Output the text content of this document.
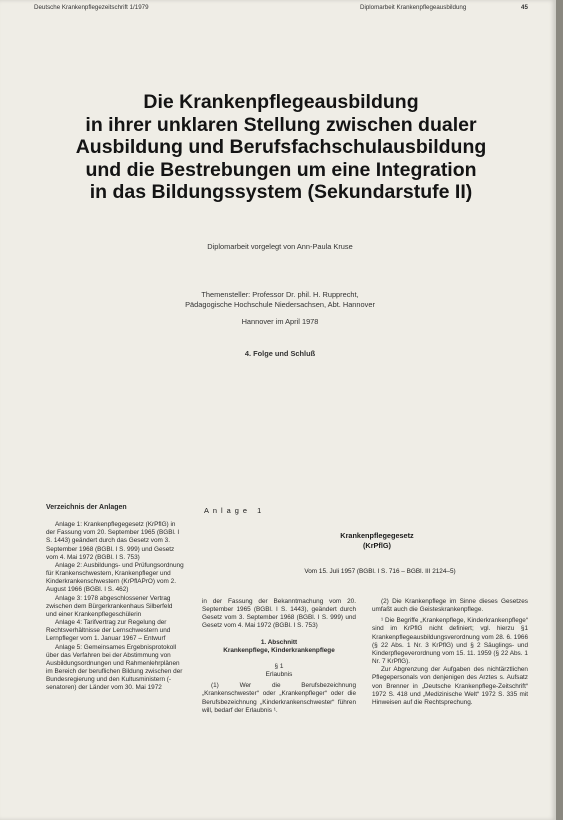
Deutsche Krankenpflegezeitschrift 1/1979	Diplomarbeit Krankenpflegeausbildung	45
Die Krankenpflegeausbildung
in ihrer unklaren Stellung zwischen dualer
Ausbildung und Berufsfachschulausbildung
und die Bestrebungen um eine Integration
in das Bildungssystem (Sekundarstufe II)
Diplomarbeit vorgelegt von Ann-Paula Kruse
Themensteller: Professor Dr. phil. H. Rupprecht,
Pädagogische Hochschule Niedersachsen, Abt. Hannover
Hannover im April 1978
4. Folge und Schluß
Verzeichnis der Anlagen

Anlage 1: Krankenpflegegesetz (KrPflG) in der Fassung vom 20. September 1965 (BGBl. I S. 1443) geändert durch das Gesetz vom 3. September 1968 (BGBl. I S. 999) und Gesetz vom 4. Mai 1972 (BGBl. I S. 753)

Anlage 2: Ausbildungs- und Prüfungsordnung für Krankenschwestern, Krankenpfleger und Kinderkrankenschwestern (KrPflAPrO) vom 2. August 1966 (BGBl. I S. 462)

Anlage 3: 1978 abgeschlossener Vertrag zwischen dem Bürgerkrankenhaus Silberfeld und einer Krankenpflegeschülerin

Anlage 4: Tarifvertrag zur Regelung der Rechtsverhältnisse der Lernschwestern und Lernpfleger vom 1. Januar 1967 – Entwurf

Anlage 5: Gemeinsames Ergebnisprotokoll über das Verfahren bei der Abstimmung von Ausbildungsordnungen und Rahmenlehrplänen im Bereich der beruflichen Bildung zwischen der Bundesregierung und den Kultusministern (-senatoren) der Länder vom 30. Mai 1972

Anlage 1
Krankenpflegegesetz
(KrPflG)
Vom 15. Juli 1957 (BGBl. I S. 716 – BGBl. III 2124–5)

in der Fassung der Bekanntmachung vom 20. September 1965 (BGBl. I S. 1443), geändert durch Gesetz vom 3. September 1968 (BGBl. I S. 999) und Gesetz vom 4. Mai 1972 (BGBl. I S. 753)

1. Abschnitt
Krankenpflege, Kinderkrankenpflege
§ 1
Erlaubnis

(1) Wer die Berufsbezeichnung „Krankenschwester“ oder „Krankenpfleger“ oder die Berufsbezeichnung „Kinderkrankenschwester“ führen will, bedarf der Erlaubnis ¹.

(2) Die Krankenpflege im Sinne dieses Gesetzes umfaßt auch die Geisteskrankenpflege.

¹ Die Begriffe „Krankenpflege, Kinderkrankenpflege“ sind im KrPflG nicht definiert; vgl. hierzu §1 Krankenpflegeausbildungsverordnung vom 28. 6. 1966 (§ 22 Abs. 1 Nr. 3 KrPflG) und § 2 Säuglings- und Kinderpflegeverordnung vom 15. 11. 1959 (§ 22 Abs. 1 Nr. 7 KrPflG).

Zur Abgrenzung der Aufgaben des nichtärztlichen Pflegepersonals von denjenigen des Arztes s. Aufsatz von Brenner in „Deutsche Krankenpflege-Zeitschrift“ 1972 S. 418 und „Medizinische Welt“ 1972 S. 335 mit Hinweisen auf die Rechtsprechung.
